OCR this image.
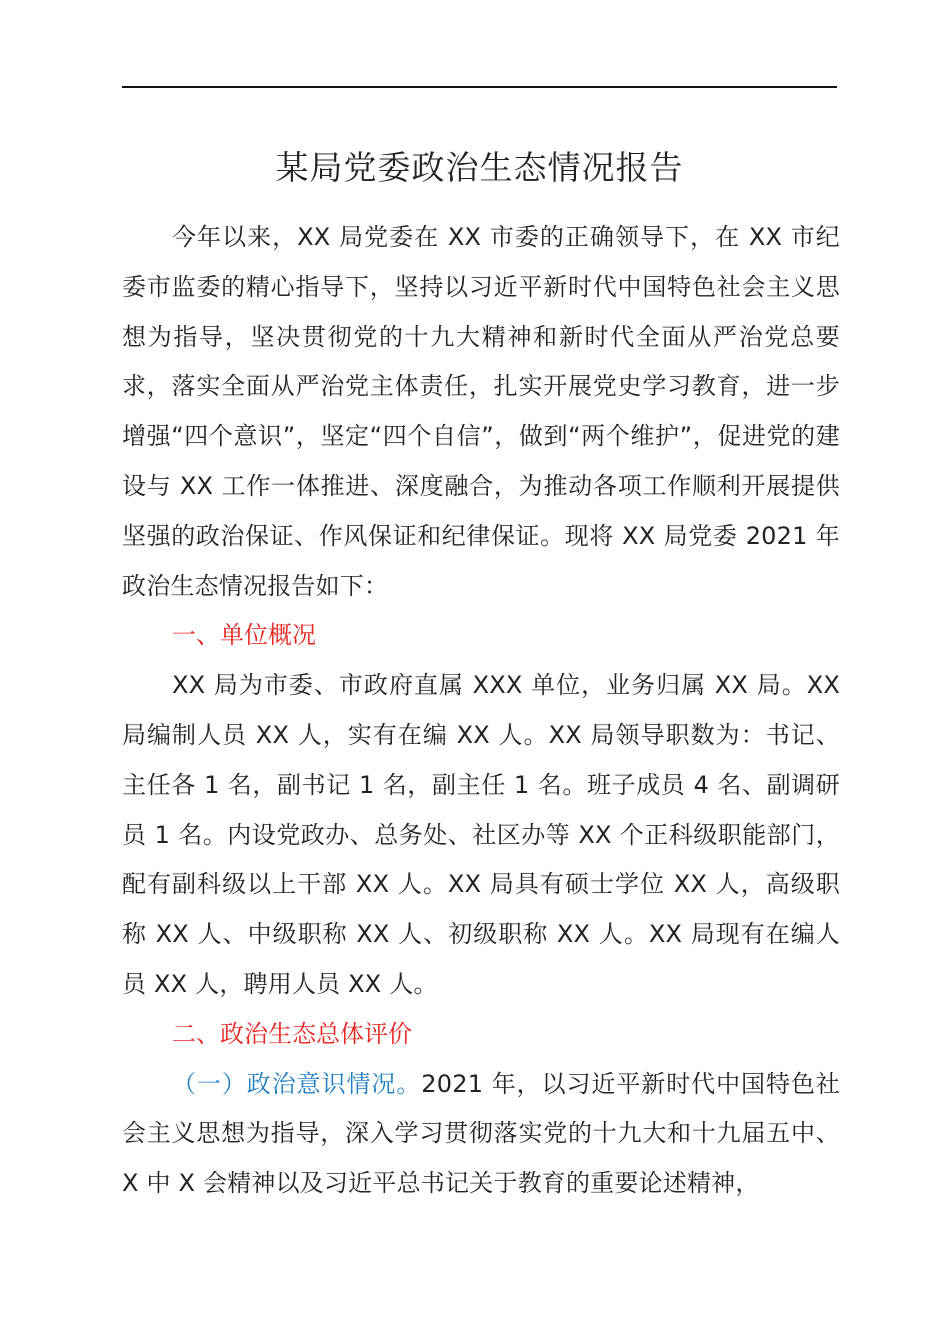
某局党委政治生态情况报告

今年以来，XX 局党委在 XX 市委的正确领导下，在 XX 市纪委市监委的精心指导下，坚持以习近平新时代中国特色社会主义思想为指导，坚决贯彻党的十九大精神和新时代全面从严治党总要求，落实全面从严治党主体责任，扎实开展党史学习教育，进一步增强“四个意识”，坚定“四个自信”，做到“两个维护”，促进党的建设与 XX 工作一体推进、深度融合，为推动各项工作顺利开展提供坚强的政治保证、作风保证和纪律保证。现将 XX 局党委 2021 年政治生态情况报告如下：

一、单位概况

XX 局为市委、市政府直属 XXX 单位，业务归属 XX 局。XX 局编制人员 XX 人，实有在编 XX 人。XX 局领导职数为：书记、主任各 1 名，副书记 1 名，副主任 1 名。班子成员 4 名、副调研员 1 名。内设党政办、总务处、社区办等 XX 个正科级职能部门，配有副科级以上干部 XX 人。XX 局具有硕士学位 XX 人，高级职称 XX 人、中级职称 XX 人、初级职称 XX 人。XX 局现有在编人员 XX 人，聘用人员 XX 人。

二、政治生态总体评价

（一）政治意识情况。2021 年，以习近平新时代中国特色社会主义思想为指导，深入学习贯彻落实党的十九大和十九届五中、X 中 X 会精神以及习近平总书记关于教育的重要论述精神，
